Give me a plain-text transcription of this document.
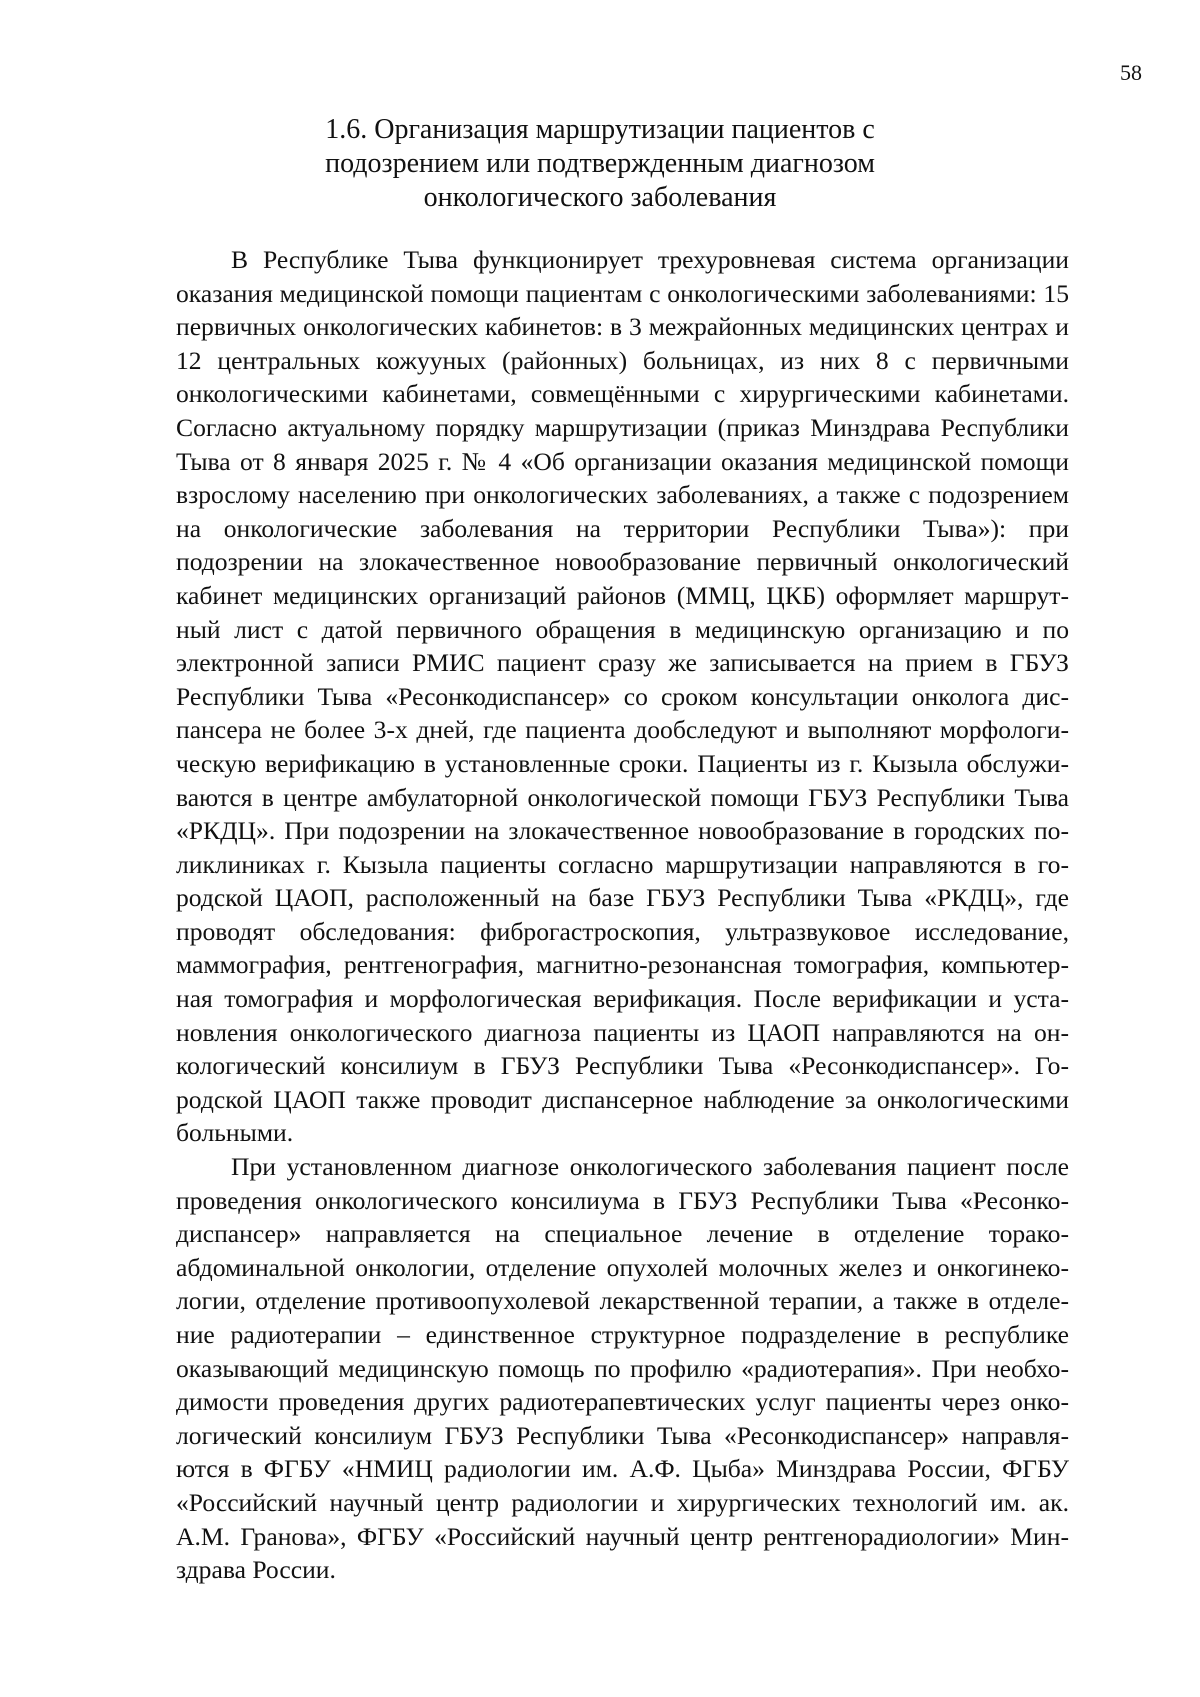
58
1.6. Организация маршрутизации пациентов с
подозрением или подтвержденным диагнозом
онкологического заболевания

В Республике Тыва функционирует трехуровневая система организации оказания медицинской помощи пациентам с онкологическими заболеваниями: 15 первичных онкологических кабинетов: в 3 межрайонных медицинских центрах и 12 центральных кожууных (районных) больницах, из них 8 с первичными онкологическими кабинетами, совмещёнными с хирургическими кабинетами. Согласно актуальному порядку маршрутизации (приказ Минздрава Республики Тыва от 8 января 2025 г. № 4 «Об организации оказания медицинской помощи взрослому населению при онкологических заболеваниях, а также с подозрением на онкологические заболевания на территории Республики Тыва»): при подозрении на злокачественное новообразование первичный онкологический кабинет медицинских организаций районов (ММЦ, ЦКБ) оформляет маршрутный лист с датой первичного обращения в медицинскую организацию и по электронной записи РМИС пациент сразу же записывается на прием в ГБУЗ Республики Тыва «Ресонкодиспансер» со сроком консультации онколога диспансера не более 3-х дней, где пациента дообследуют и выполняют морфологическую верификацию в установленные сроки. Пациенты из г. Кызыла обслуживаются в центре амбулаторной онкологической помощи ГБУЗ Республики Тыва «РКДЦ». При подозрении на злокачественное новообразование в городских поликлиниках г. Кызыла пациенты согласно маршрутизации направляются в городской ЦАОП, расположенный на базе ГБУЗ Республики Тыва «РКДЦ», где проводят обследования: фиброгастроскопия, ультразвуковое исследование, маммография, рентгенография, магнитно-резонансная томография, компьютерная томография и морфологическая верификация. После верификации и установления онкологического диагноза пациенты из ЦАОП направляются на онкологический консилиум в ГБУЗ Республики Тыва «Ресонкодиспансер». Городской ЦАОП также проводит диспансерное наблюдение за онкологическими больными.

При установленном диагнозе онкологического заболевания пациент после проведения онкологического консилиума в ГБУЗ Республики Тыва «Ресонкодиспансер» направляется на специальное лечение в отделение торакоабдоминальной онкологии, отделение опухолей молочных желез и онкогинекологии, отделение противоопухолевой лекарственной терапии, а также в отделение радиотерапии – единственное структурное подразделение в республике оказывающий медицинскую помощь по профилю «радиотерапия». При необходимости проведения других радиотерапевтических услуг пациенты через онкологический консилиум ГБУЗ Республики Тыва «Ресонкодиспансер» направляются в ФГБУ «НМИЦ радиологии им. А.Ф. Цыба» Минздрава России, ФГБУ «Российский научный центр радиологии и хирургических технологий им. ак. А.М. Гранова», ФГБУ «Российский научный центр рентгенорадиологии» Минздрава России.
